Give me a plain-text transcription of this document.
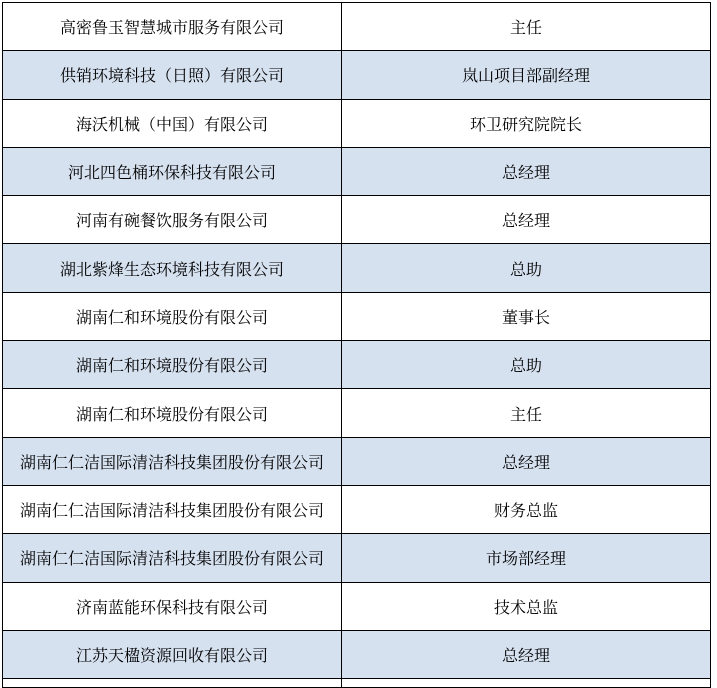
高密鲁玉智慧城市服务有限公司	主任
供销环境科技（日照）有限公司	岚山项目部副经理
海沃机械（中国）有限公司	环卫研究院院长
河北四色桶环保科技有限公司	总经理
河南有碗餐饮服务有限公司	总经理
湖北紫烽生态环境科技有限公司	总助
湖南仁和环境股份有限公司	董事长
湖南仁和环境股份有限公司	总助
湖南仁和环境股份有限公司	主任
湖南仁仁洁国际清洁科技集团股份有限公司	总经理
湖南仁仁洁国际清洁科技集团股份有限公司	财务总监
湖南仁仁洁国际清洁科技集团股份有限公司	市场部经理
济南蓝能环保科技有限公司	技术总监
江苏天楹资源回收有限公司	总经理
